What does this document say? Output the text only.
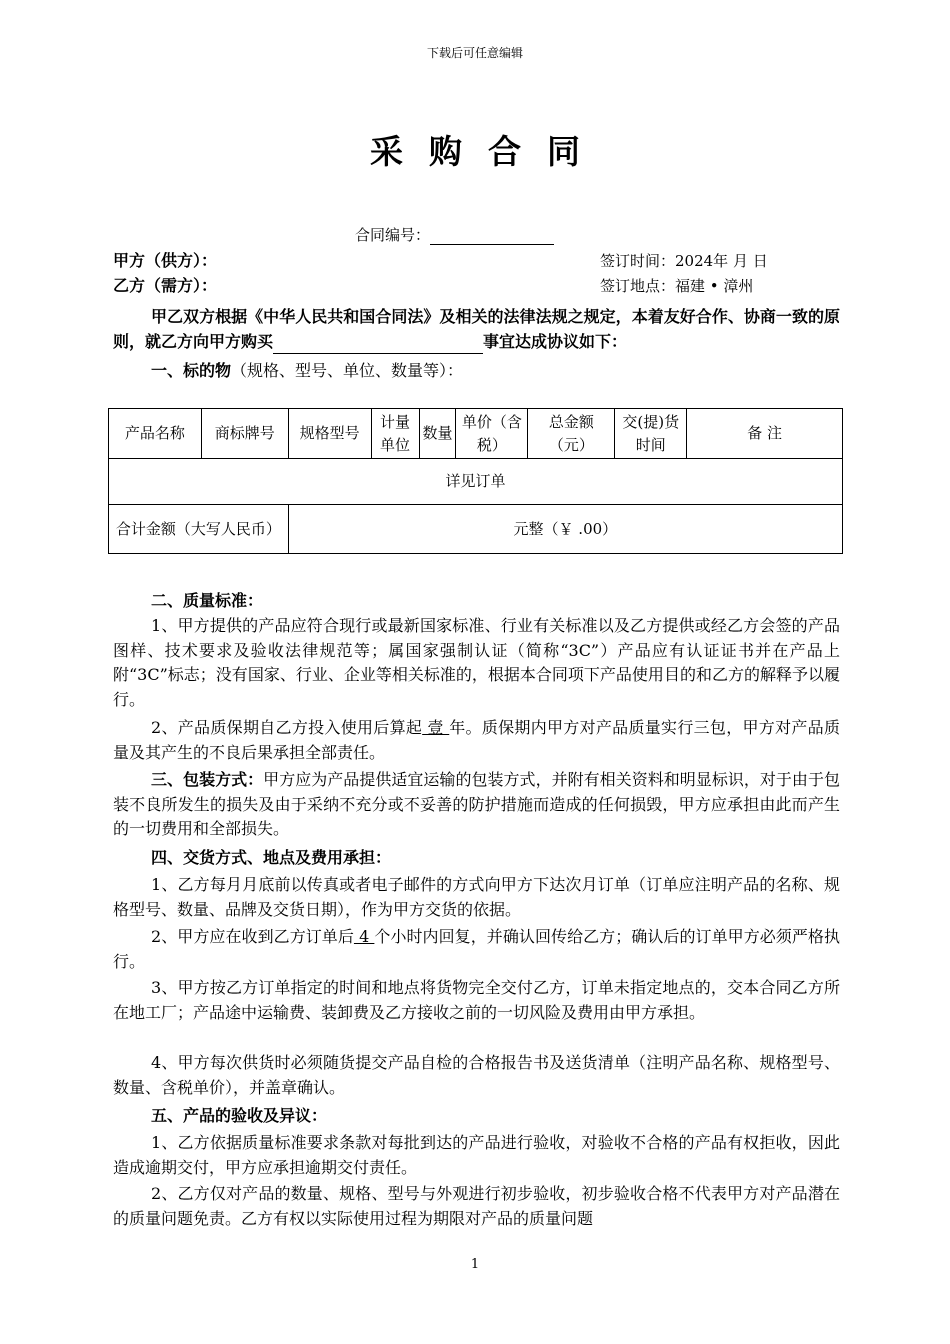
下载后可任意编辑
采购合同
合同编号：
甲方（供方）：	签订时间：2024年 月 日
乙方（需方）：	签订地点：福建 • 漳州
甲乙双方根据《中华人民共和国合同法》及相关的法律法规之规定，本着友好合作、协商一致的原则，就乙方向甲方购买	事宜达成协议如下：
一、标的物（规格、型号、单位、数量等）：
产品名称	商标牌号	规格型号	计量单位	数量	单价（含税）	总金额（元）	交(提)货时间	备 注
详见订单								
合计金额（大写人民币）		元整（￥ .00）						
二、质量标准：
1、甲方提供的产品应符合现行或最新国家标准、行业有关标准以及乙方提供或经乙方会签的产品图样、技术要求及验收法律规范等；属国家强制认证（简称“3C”）产品应有认证证书并在产品上附“3C”标志；没有国家、行业、企业等相关标准的，根据本合同项下产品使用目的和乙方的解释予以履行。
2、产品质保期自乙方投入使用后算起 壹 年。质保期内甲方对产品质量实行三包，甲方对产品质量及其产生的不良后果承担全部责任。
三、包装方式：甲方应为产品提供适宜运输的包装方式，并附有相关资料和明显标识，对于由于包装不良所发生的损失及由于采纳不充分或不妥善的防护措施而造成的任何损毁，甲方应承担由此而产生的一切费用和全部损失。
四、交货方式、地点及费用承担：
1、乙方每月月底前以传真或者电子邮件的方式向甲方下达次月订单（订单应注明产品的名称、规格型号、数量、品牌及交货日期），作为甲方交货的依据。
2、甲方应在收到乙方订单后 4 个小时内回复，并确认回传给乙方；确认后的订单甲方必须严格执行。
3、甲方按乙方订单指定的时间和地点将货物完全交付乙方，订单未指定地点的，交本合同乙方所在地工厂；产品途中运输费、装卸费及乙方接收之前的一切风险及费用由甲方承担。
4、甲方每次供货时必须随货提交产品自检的合格报告书及送货清单（注明产品名称、规格型号、数量、含税单价），并盖章确认。
五、产品的验收及异议：
1、乙方依据质量标准要求条款对每批到达的产品进行验收，对验收不合格的产品有权拒收，因此造成逾期交付，甲方应承担逾期交付责任。
2、乙方仅对产品的数量、规格、型号与外观进行初步验收，初步验收合格不代表甲方对产品潜在的质量问题免责。乙方有权以实际使用过程为期限对产品的质量问题
1
